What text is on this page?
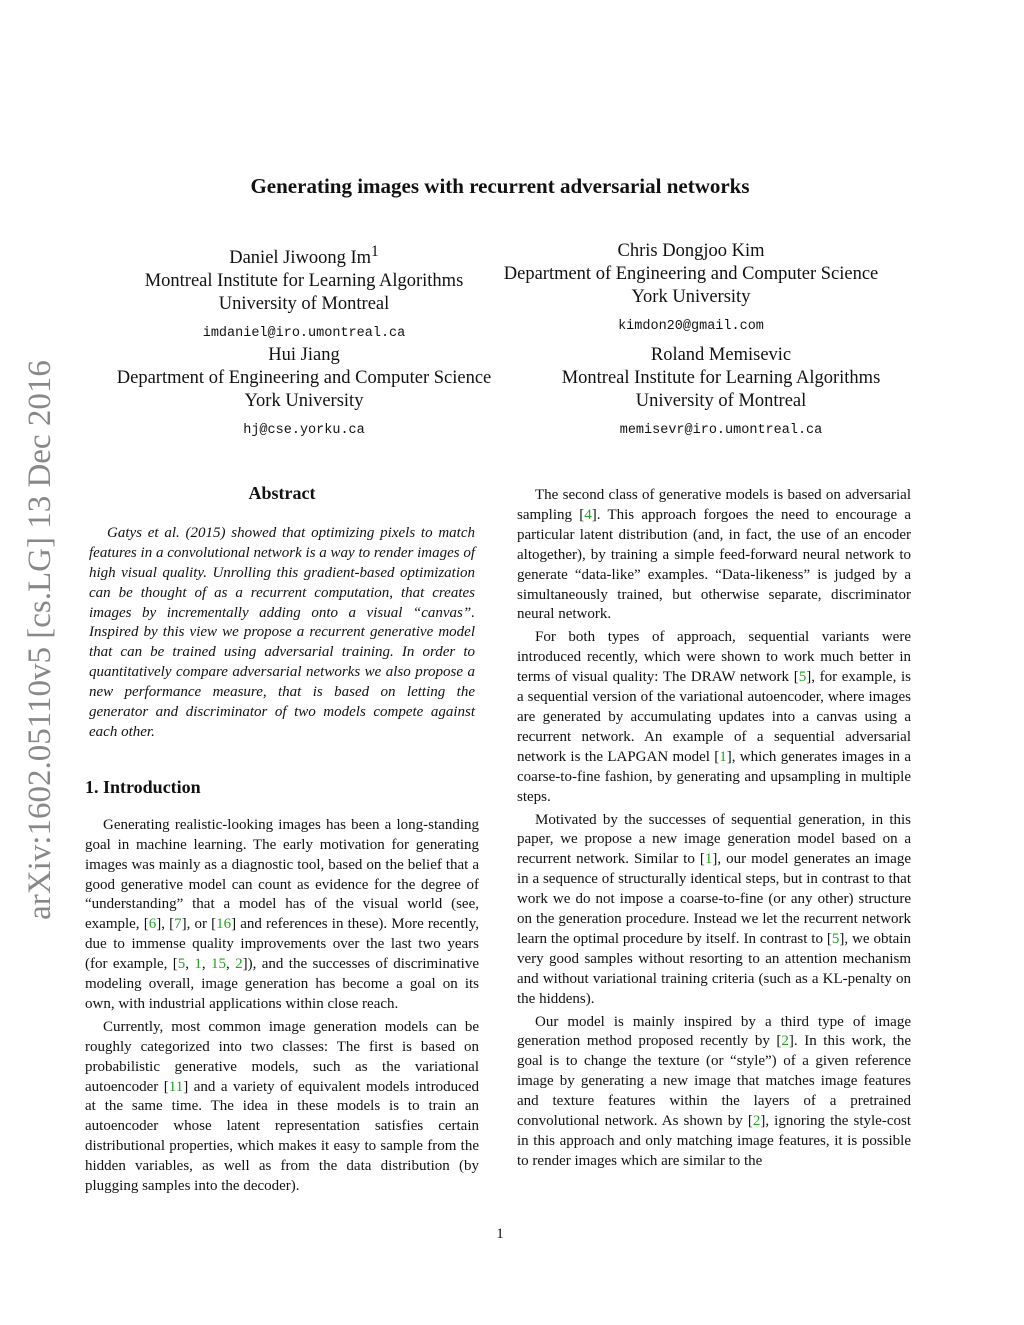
Generating images with recurrent adversarial networks
Daniel Jiwoong Im$^1$
Montreal Institute for Learning Algorithms
University of Montreal
imdaniel@iro.umontreal.ca
Chris Dongjoo Kim
Department of Engineering and Computer Science
York University
kimdon20@gmail.com
Hui Jiang
Department of Engineering and Computer Science
York University
hj@cse.yorku.ca
Roland Memisevic
Montreal Institute for Learning Algorithms
University of Montreal
memisevr@iro.umontreal.ca
arXiv:1602.05110v5 [cs.LG] 13 Dec 2016	Abstract

Gatys et al. (2015) showed that optimizing pixels to match features in a convolutional network is a way to render images of high visual quality. Unrolling this gradient-based optimization can be thought of as a recurrent computation, that creates images by incrementally adding onto a visual “canvas”. Inspired by this view we propose a recurrent generative model that can be trained using adversarial training. In order to quantitatively compare adversarial networks we also propose a new performance measure, that is based on letting the generator and discriminator of two models compete against each other.

1. Introduction

Generating realistic-looking images has been a long-standing goal in machine learning. The early motivation for generating images was mainly as a diagnostic tool, based on the belief that a good generative model can count as evidence for the degree of “understanding” that a model has of the visual world (see, example, [6], [7], or [16] and references in these). More recently, due to immense quality improvements over the last two years (for example, [5, 1, 15, 2]), and the successes of discriminative modeling overall, image generation has become a goal on its own, with industrial applications within close reach.

Currently, most common image generation models can be roughly categorized into two classes: The first is based on probabilistic generative models, such as the variational autoencoder [11] and a variety of equivalent models introduced at the same time. The idea in these models is to train an autoencoder whose latent representation satisfies certain distributional properties, which makes it easy to sample from the hidden variables, as well as from the data distribution (by plugging samples into the decoder).

The second class of generative models is based on adversarial sampling [4]. This approach forgoes the need to encourage a particular latent distribution (and, in fact, the use of an encoder altogether), by training a simple feed-forward neural network to generate “data-like” examples. “Data-likeness” is judged by a simultaneously trained, but otherwise separate, discriminator neural network.

For both types of approach, sequential variants were introduced recently, which were shown to work much better in terms of visual quality: The DRAW network [5], for example, is a sequential version of the variational autoencoder, where images are generated by accumulating updates into a canvas using a recurrent network. An example of a sequential adversarial network is the LAPGAN model [1], which generates images in a coarse-to-fine fashion, by generating and upsampling in multiple steps.

Motivated by the successes of sequential generation, in this paper, we propose a new image generation model based on a recurrent network. Similar to [1], our model generates an image in a sequence of structurally identical steps, but in contrast to that work we do not impose a coarse-to-fine (or any other) structure on the generation procedure. Instead we let the recurrent network learn the optimal procedure by itself. In contrast to [5], we obtain very good samples without resorting to an attention mechanism and without variational training criteria (such as a KL-penalty on the hiddens).

Our model is mainly inspired by a third type of image generation method proposed recently by [2]. In this work, the goal is to change the texture (or “style”) of a given reference image by generating a new image that matches image features and texture features within the layers of a pretrained convolutional network. As shown by [2], ignoring the style-cost in this approach and only matching image features, it is possible to render images which are similar to the

1
